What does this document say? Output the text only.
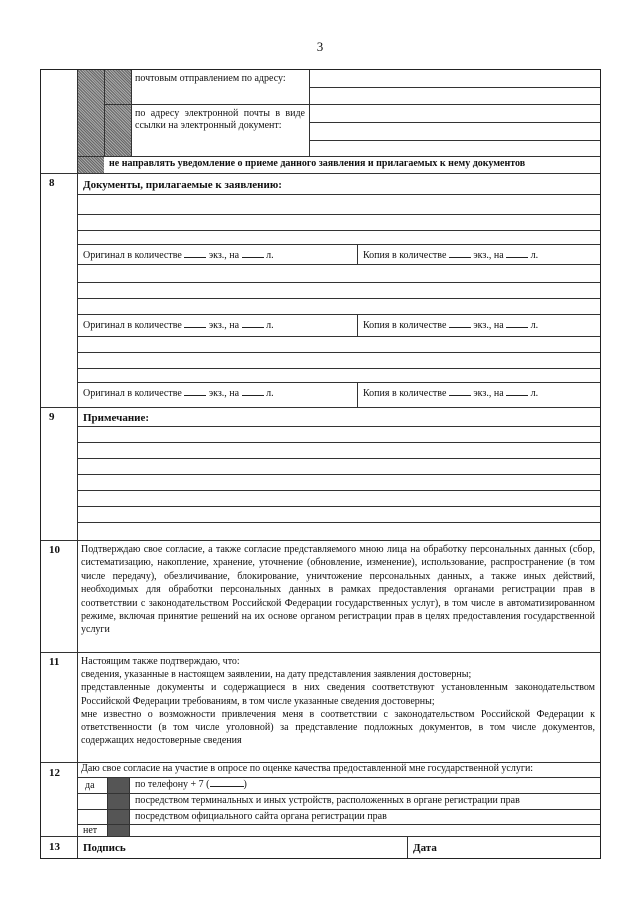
3
почтовым отправлением по адресу:
по адресу электронной почты в виде ссылки на электронный документ:
не направлять уведомление о приеме данного заявления и прилагаемых к нему документов
8	Документы, прилагаемые к заявлению:
Оригинал в количестве	экз., на	л.	Копия в количестве	экз., на	л.
Оригинал в количестве	экз., на	л.	Копия в количестве	экз., на	л.
Оригинал в количестве	экз., на	л.	Копия в количестве	экз., на	л.
9	Примечание:
10 Подтверждаю свое согласие, а также согласие представляемого мною лица на обработку персональных данных (сбор, систематизацию, накопление, хранение, уточнение (обновление, изменение), использование, распространение (в том числе передачу), обезличивание, блокирование, уничтожение персональных данных, а также иных действий, необходимых для обработки персональных данных в рамках предоставления органами регистрации прав в соответствии с законодательством Российской Федерации государственных услуг), в том числе в автоматизированном режиме, включая принятие решений на их основе органом регистрации прав в целях предоставления государственной услуги
11 Настоящим также подтверждаю, что:
сведения, указанные в настоящем заявлении, на дату представления заявления достоверны;
представленные документы и содержащиеся в них сведения соответствуют установленным законодательством Российской Федерации требованиям, в том числе указанные сведения достоверны;
мне известно о возможности привлечения меня в соответствии с законодательством Российской Федерации к ответственности (в том числе уголовной) за представление подложных документов, в том числе документов, содержащих недостоверные сведения
12 Даю свое согласие на участие в опросе по оценке качества предоставленной мне государственной услуги:
да	по телефону + 7 (	)
посредством терминальных и иных устройств, расположенных в органе регистрации прав
посредством официального сайта органа регистрации прав
нет
13 Подпись	Дата
